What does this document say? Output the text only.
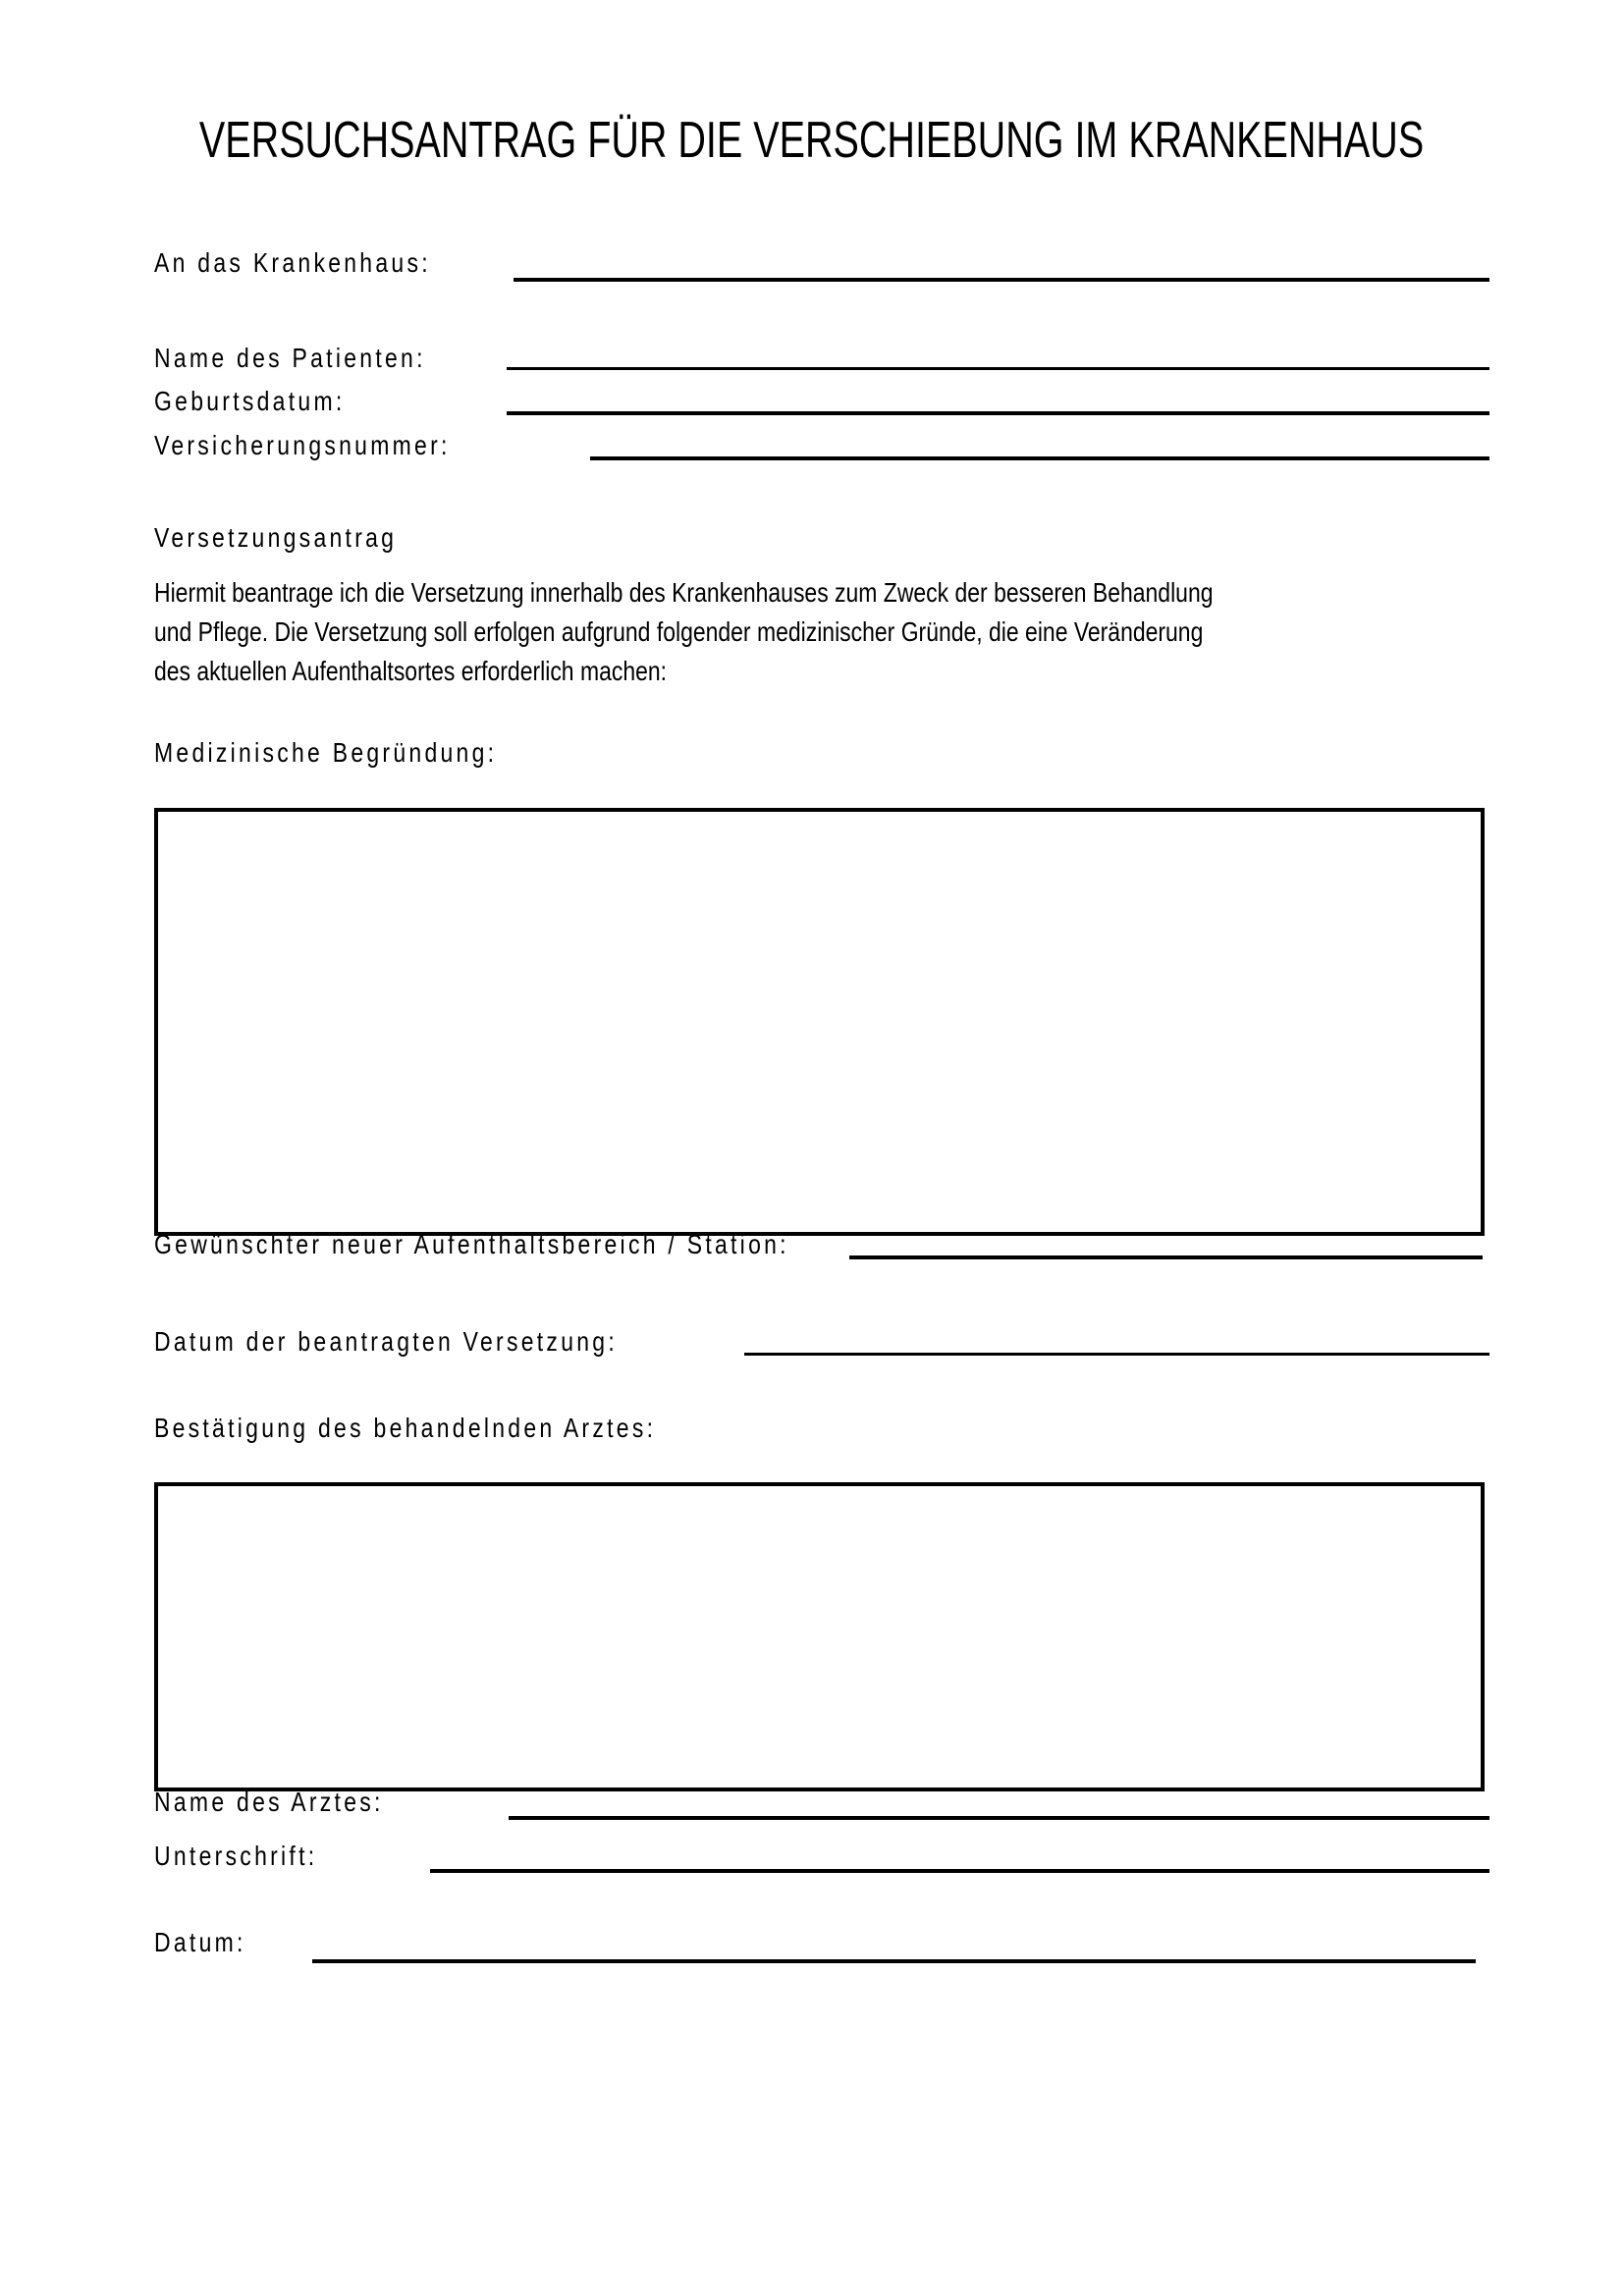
VERSUCHSANTRAG FÜR DIE VERSCHIEBUNG IM KRANKENHAUS
An das Krankenhaus:
Name des Patienten:
Geburtsdatum:
Versicherungsnummer:
Versetzungsantrag
Hiermit beantrage ich die Versetzung innerhalb des Krankenhauses zum Zweck der besseren Behandlung
und Pflege. Die Versetzung soll erfolgen aufgrund folgender medizinischer Gründe, die eine Veränderung
des aktuellen Aufenthaltsortes erforderlich machen:
Medizinische Begründung:
Gewünschter neuer Aufenthaltsbereich / Station:
Datum der beantragten Versetzung:
Bestätigung des behandelnden Arztes:
Name des Arztes:
Unterschrift:
Datum:
